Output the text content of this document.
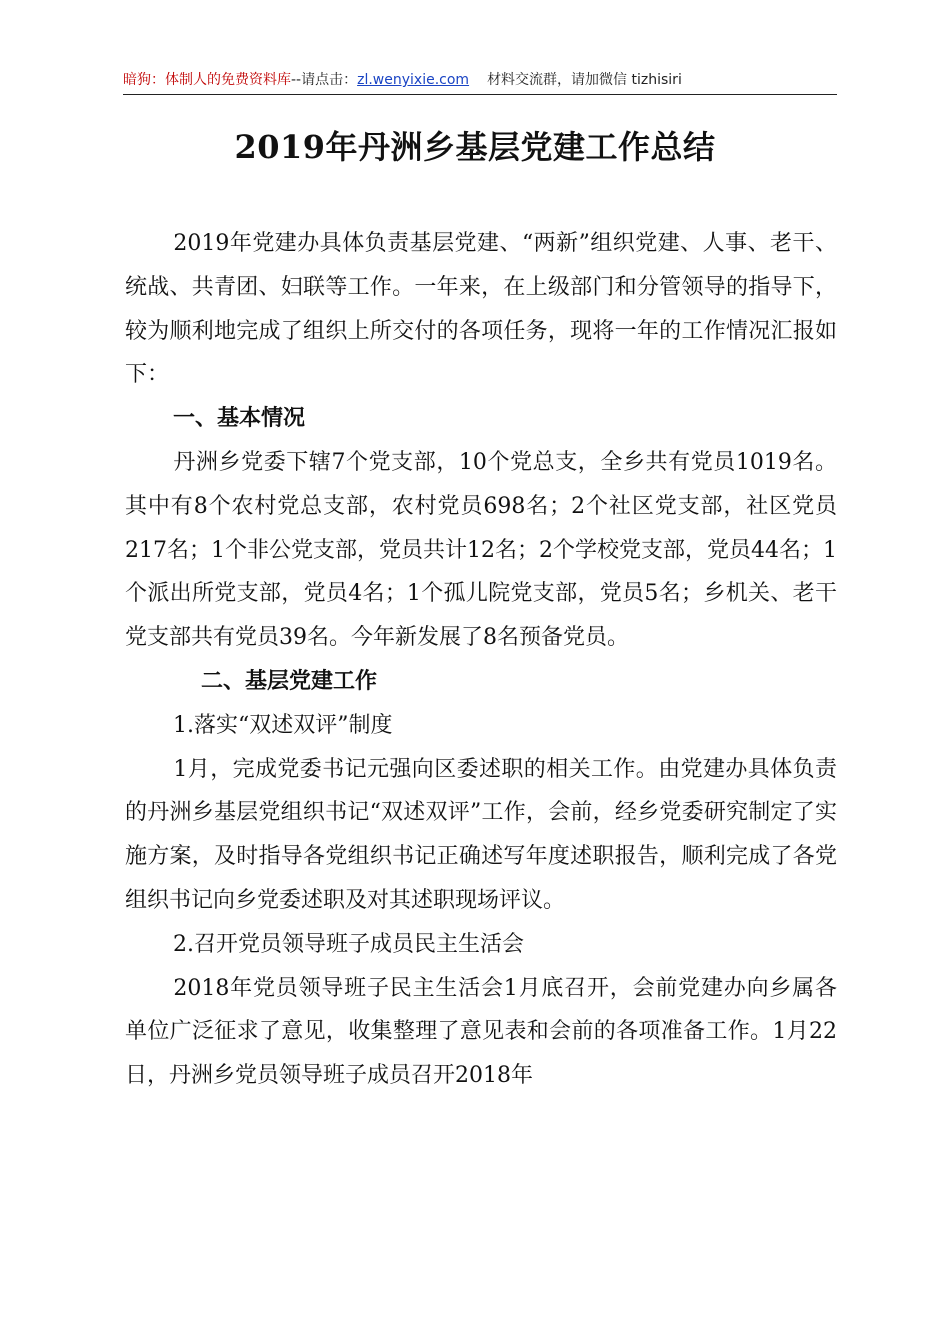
暗狗：体制人的免费资料库--请点击：zl.wenyixie.com 材料交流群，请加微信 tizhisiri
2019年丹洲乡基层党建工作总结

2019年党建办具体负责基层党建、“两新”组织党建、人事、老干、统战、共青团、妇联等工作。一年来，在上级部门和分管领导的指导下，较为顺利地完成了组织上所交付的各项任务，现将一年的工作情况汇报如下：

一、基本情况

丹洲乡党委下辖7个党支部，10个党总支，全乡共有党员1019名。其中有8个农村党总支部，农村党员698名；2个社区党支部，社区党员217名；1个非公党支部，党员共计12名；2个学校党支部，党员44名；1个派出所党支部，党员4名；1个孤儿院党支部，党员5名；乡机关、老干党支部共有党员39名。今年新发展了8名预备党员。

二、基层党建工作

1.落实“双述双评”制度

1月，完成党委书记元强向区委述职的相关工作。由党建办具体负责的丹洲乡基层党组织书记“双述双评”工作，会前，经乡党委研究制定了实施方案，及时指导各党组织书记正确述写年度述职报告，顺利完成了各党组织书记向乡党委述职及对其述职现场评议。

2.召开党员领导班子成员民主生活会

2018年党员领导班子民主生活会1月底召开，会前党建办向乡属各单位广泛征求了意见，收集整理了意见表和会前的各项准备工作。1月22日，丹洲乡党员领导班子成员召开2018年
